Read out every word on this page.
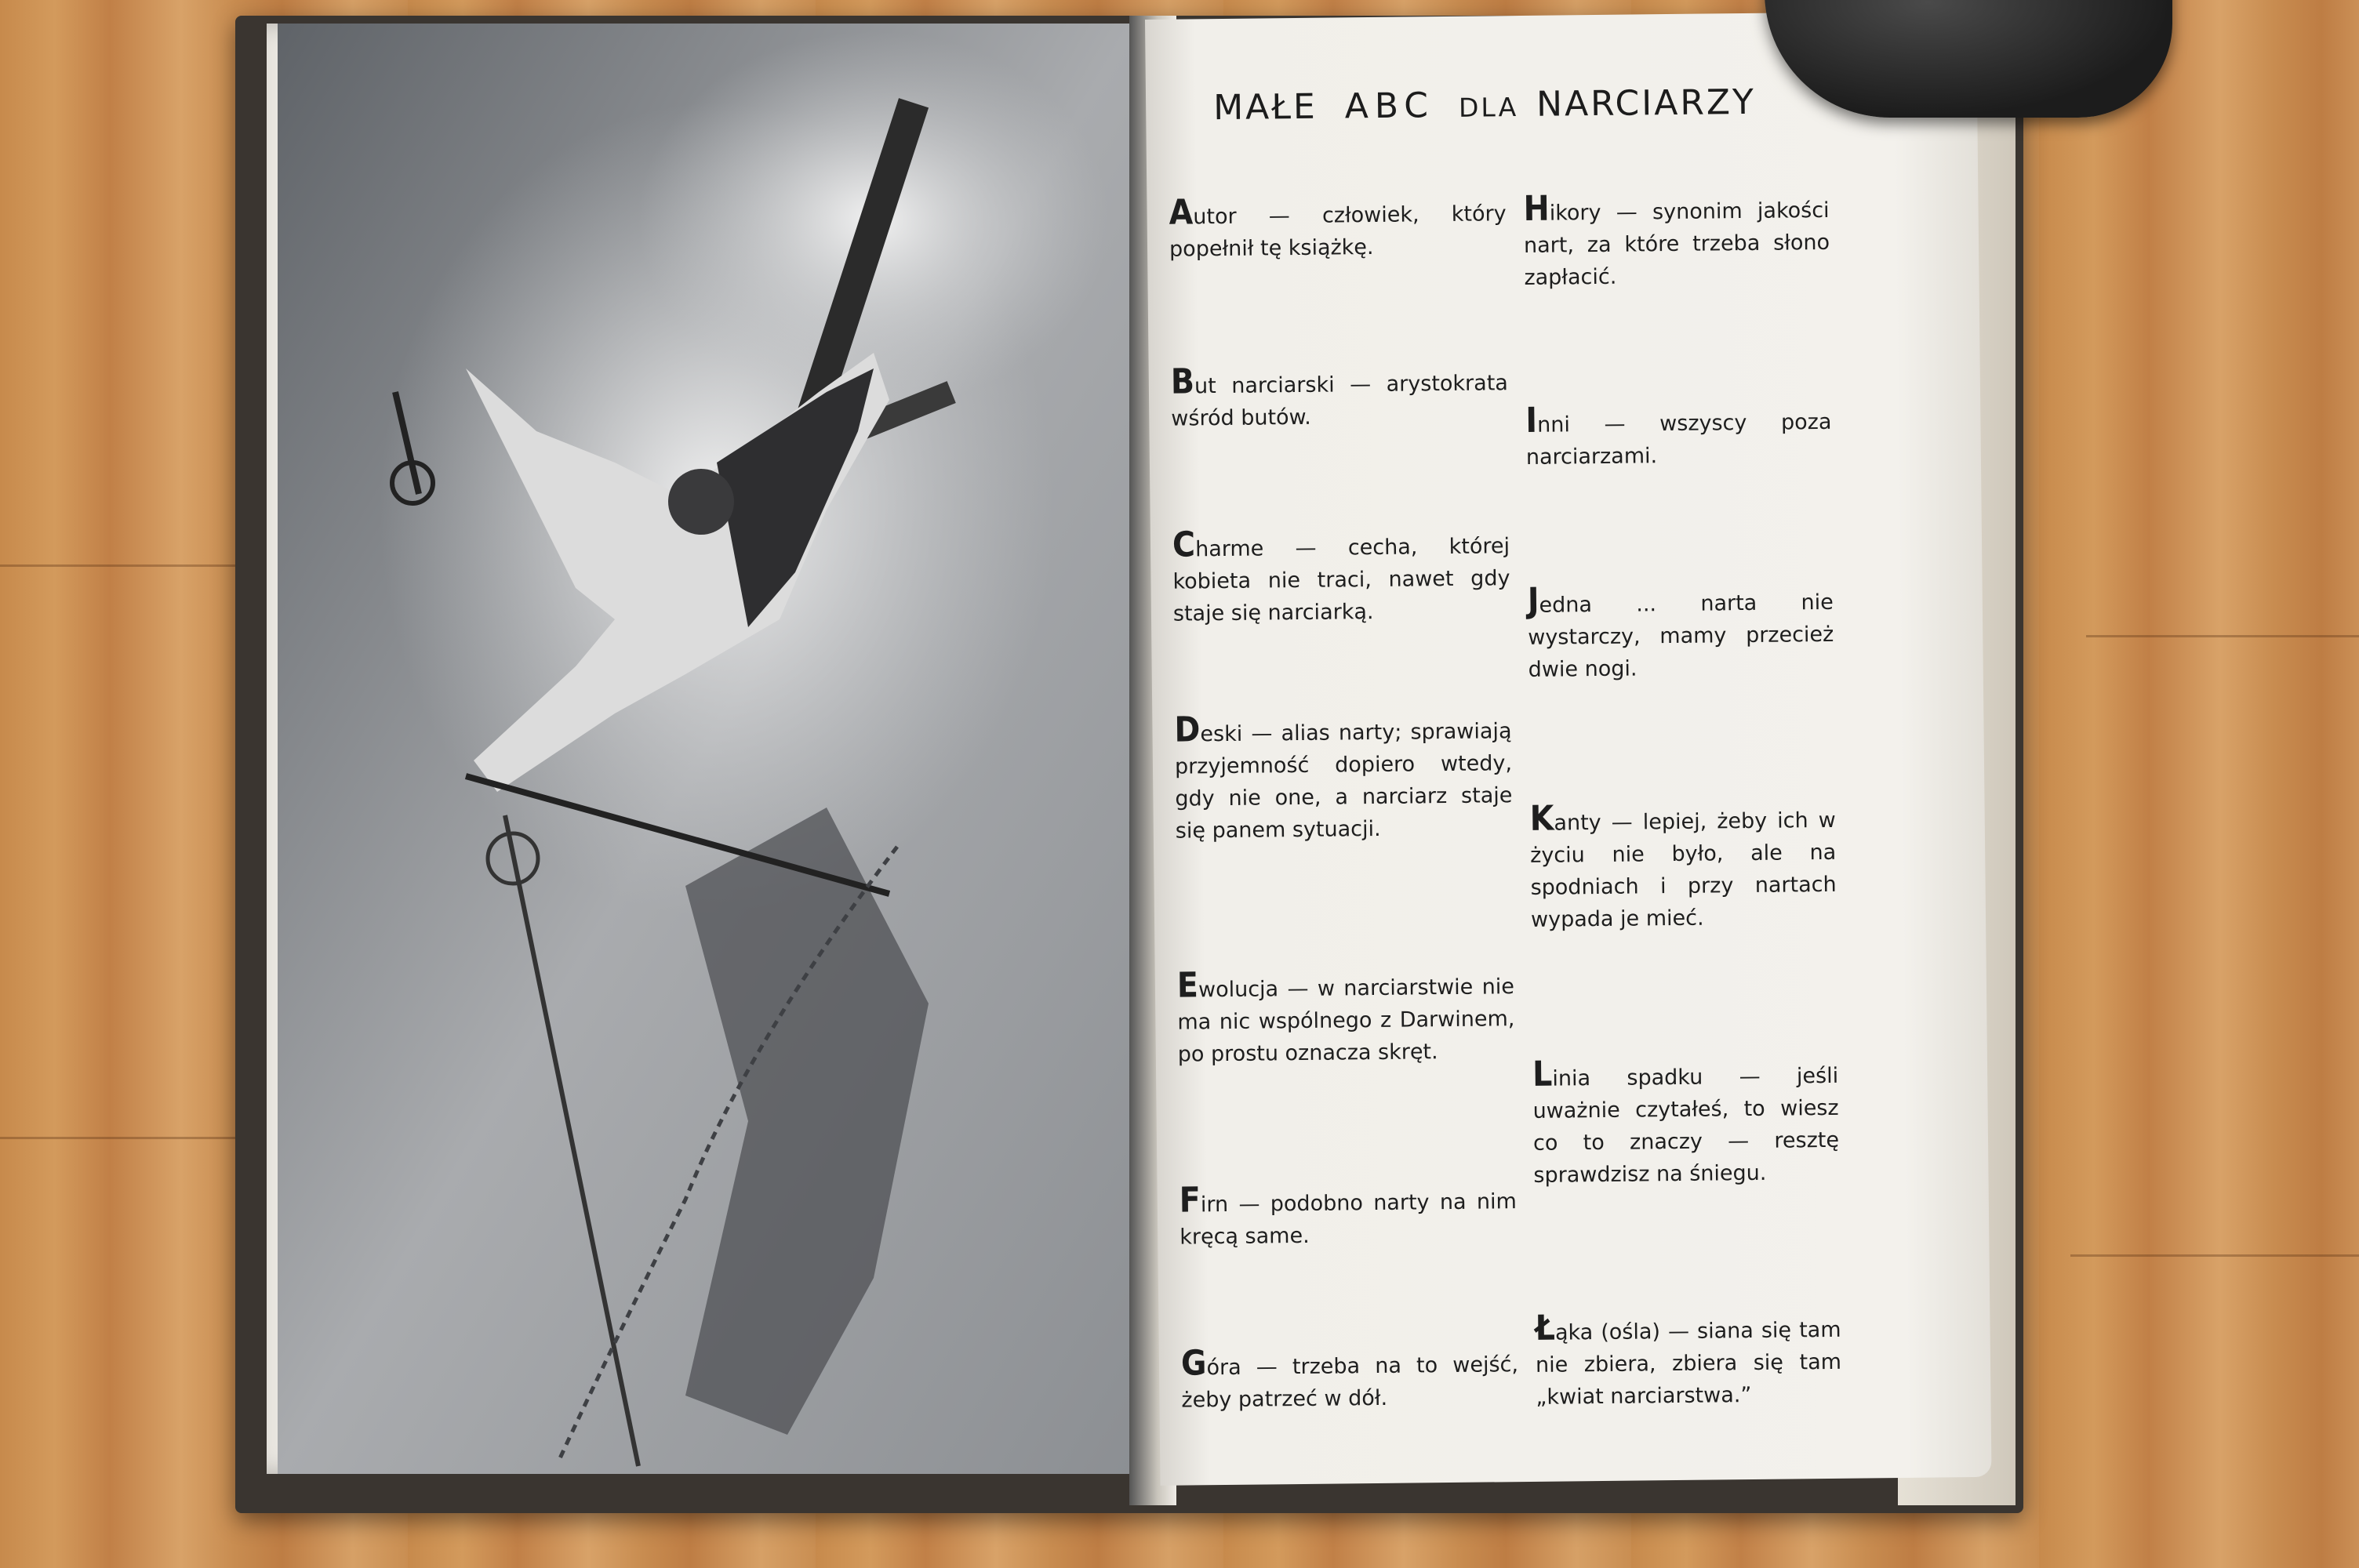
MAŁE ABC DLA NARCIARZY
Autor — człowiek, który popełnił tę książkę.
But narciarski — arystokrata wśród butów.
Charme — cecha, której kobieta nie traci, nawet gdy staje się narciarką.
Deski — alias narty; sprawiają przyjemność dopiero wtedy, gdy nie one, a narciarz staje się panem sytuacji.
Ewolucja — w narciarstwie nie ma nic wspólnego z Darwinem, po prostu oznacza skręt.
Firn — podobno narty na nim kręcą same.
Góra — trzeba na to wejść, żeby patrzeć w dół.
Hikory — synonim jakości nart, za które trzeba słono zapłacić.
Inni — wszyscy poza narciarzami.
Jedna ... narta nie wystarczy, mamy przecież dwie nogi.
Kanty — lepiej, żeby ich w życiu nie było, ale na spodniach i przy nartach wypada je mieć.
Linia spadku — jeśli uważnie czytałeś, to wiesz co to znaczy — resztę sprawdzisz na śniegu.
Łąka (ośla) — siana się tam nie zbiera, zbiera się tam „kwiat narciarstwa.”
